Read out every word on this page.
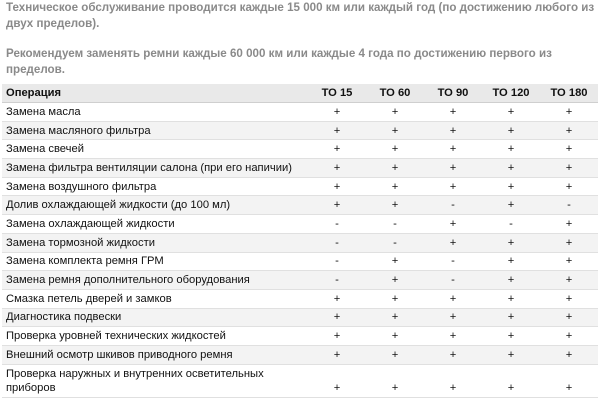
Техническое обслуживание проводится каждые 15 000 км или каждый год (по достижению любого из двух пределов).

Рекомендуем заменять ремни каждые 60 000 км или каждые 4 года по достижению первого из пределов.

Операция	ТО 15	ТО 60	ТО 90	ТО 120	ТО 180
Замена масла	+	+	+	+	+
Замена масляного фильтра	+	+	+	+	+
Замена свечей	+	+	+	+	+
Замена фильтра вентиляции салона (при его напичии)	+	+	+	+	+
Замена воздушного фильтра	+	+	+	+	+
Долив охлаждающей жидкости (до 100 мл)	+	+	-	+	-
Замена охлаждающей жидкости	-	-	+	-	+
Замена тормозной жидкости	-	-	+	+	+
Замена комплекта ремня ГРМ	-	+	-	+	+
Замена ремня дополнительного оборудования	-	+	-	+	+
Смазка петель дверей и замков	+	+	+	+	+
Диагностика подвески	+	+	+	+	+
Проверка уровней технических жидкостей	+	+	+	+	+
Внешний осмотр шкивов приводного ремня	+	+	+	+	+
Проверка наружных и внутренних осветительных приборов	+	+	+	+	+
